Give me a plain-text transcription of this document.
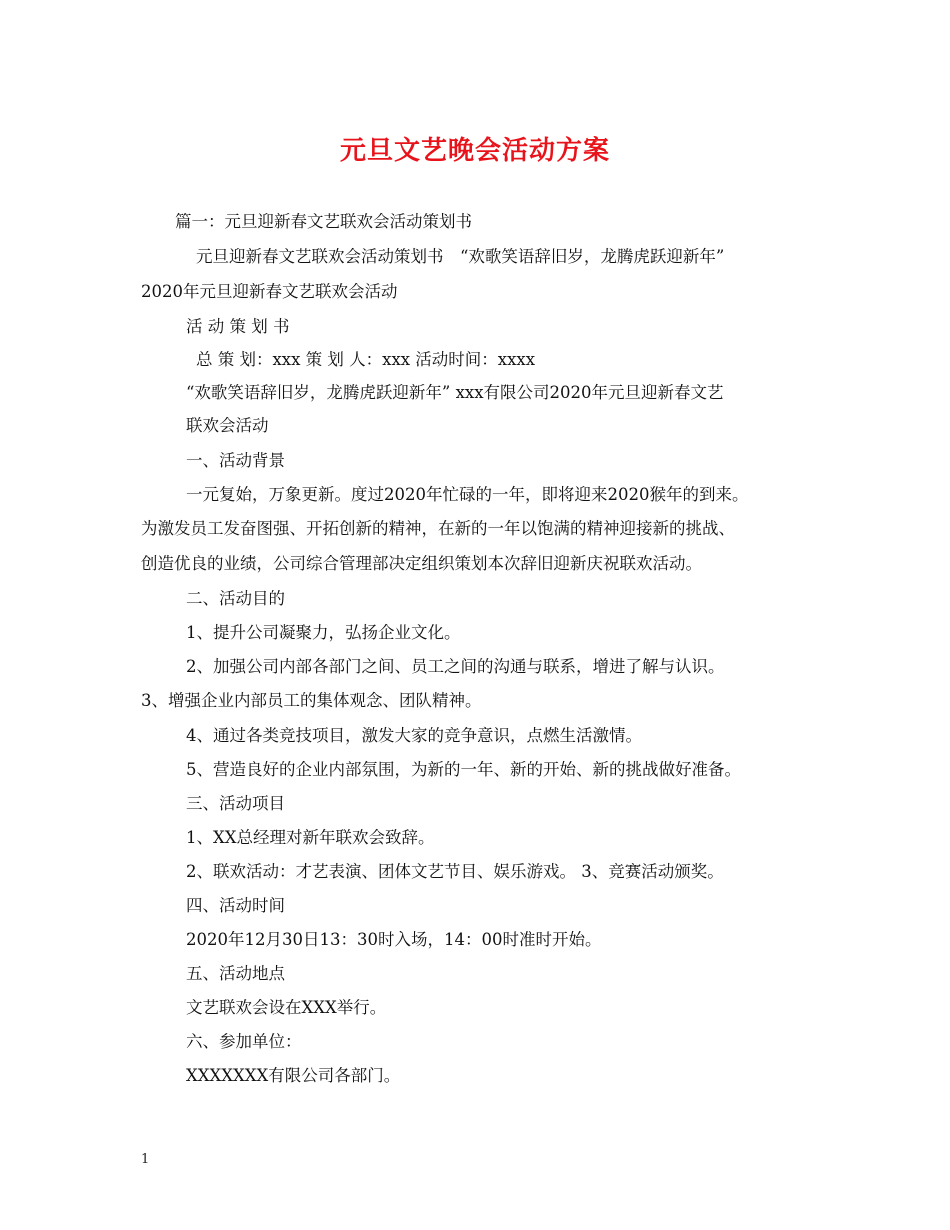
元旦文艺晚会活动方案
篇一：元旦迎新春文艺联欢会活动策划书
元旦迎新春文艺联欢会活动策划书　“欢歌笑语辞旧岁，龙腾虎跃迎新年”
2020年元旦迎新春文艺联欢会活动
活 动 策 划 书
总 策 划：xxx 策 划 人：xxx 活动时间：xxxx
“欢歌笑语辞旧岁，龙腾虎跃迎新年” xxx有限公司2020年元旦迎新春文艺
联欢会活动
一、活动背景
一元复始，万象更新。度过2020年忙碌的一年，即将迎来2020猴年的到来。
为激发员工发奋图强、开拓创新的精神，在新的一年以饱满的精神迎接新的挑战、
创造优良的业绩，公司综合管理部决定组织策划本次辞旧迎新庆祝联欢活动。
二、活动目的
1、提升公司凝聚力，弘扬企业文化。
2、加强公司内部各部门之间、员工之间的沟通与联系，增进了解与认识。
3、增强企业内部员工的集体观念、团队精神。
4、通过各类竞技项目，激发大家的竞争意识，点燃生活激情。
5、营造良好的企业内部氛围，为新的一年、新的开始、新的挑战做好准备。
三、活动项目
1、XX总经理对新年联欢会致辞。
2、联欢活动：才艺表演、团体文艺节目、娱乐游戏。 3、竞赛活动颁奖。
四、活动时间
2020年12月30日13：30时入场，14：00时准时开始。
五、活动地点
文艺联欢会设在XXX举行。
六、参加单位：
XXXXXXX有限公司各部门。
1
